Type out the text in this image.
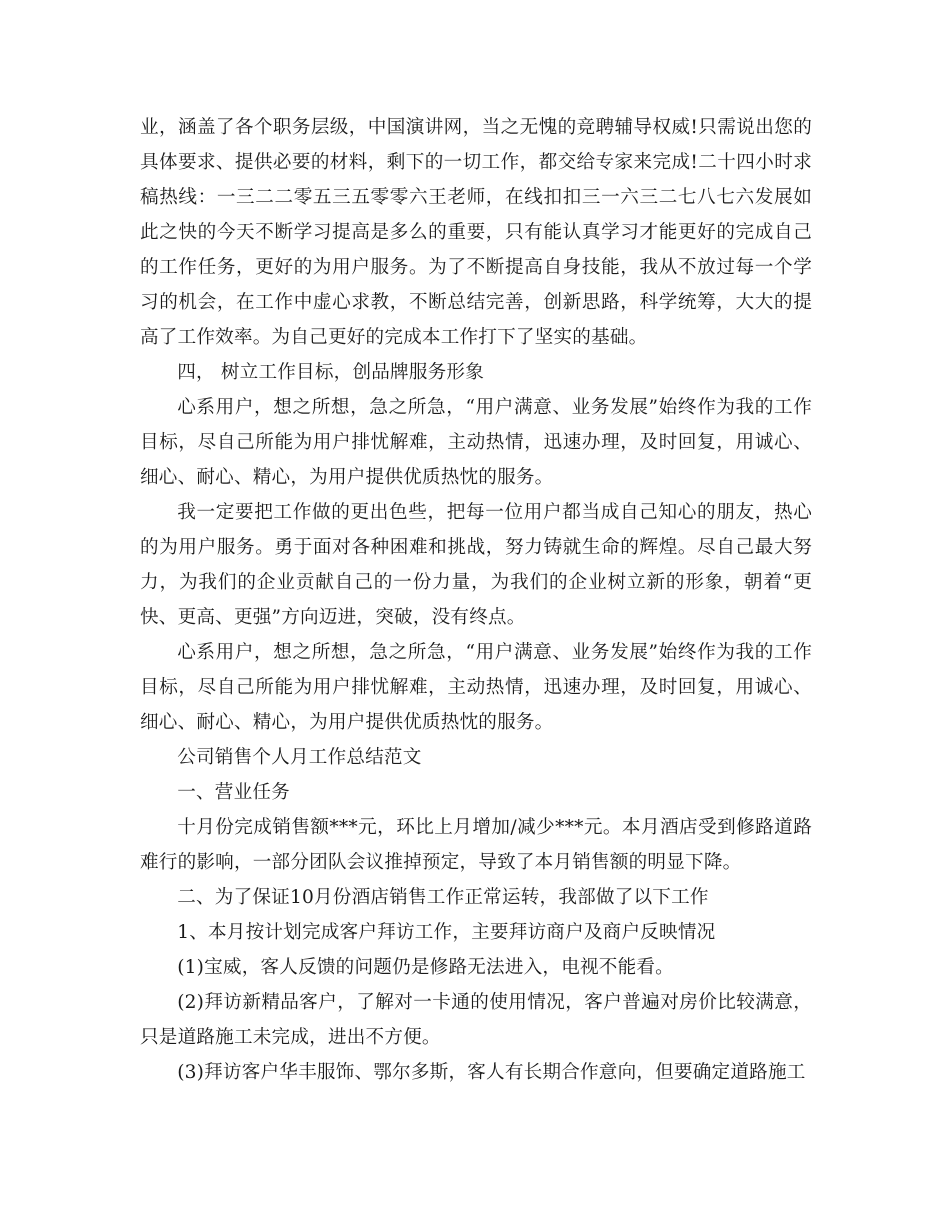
业，涵盖了各个职务层级，中国演讲网，当之无愧的竞聘辅导权威!只需说出您的具体要求、提供必要的材料，剩下的一切工作，都交给专家来完成!二十四小时求稿热线：一三二二零五三五零零六王老师，在线扣扣三一六三二七八七六发展如此之快的今天不断学习提高是多么的重要，只有能认真学习才能更好的完成自己的工作任务，更好的为用户服务。为了不断提高自身技能，我从不放过每一个学习的机会，在工作中虚心求教，不断总结完善，创新思路，科学统筹，大大的提高了工作效率。为自己更好的完成本工作打下了坚实的基础。

四， 树立工作目标，创品牌服务形象

心系用户，想之所想，急之所急，“用户满意、业务发展”始终作为我的工作目标，尽自己所能为用户排忧解难，主动热情，迅速办理，及时回复，用诚心、细心、耐心、精心，为用户提供优质热忱的服务。

我一定要把工作做的更出色些，把每一位用户都当成自己知心的朋友，热心的为用户服务。勇于面对各种困难和挑战，努力铸就生命的辉煌。尽自己最大努力，为我们的企业贡献自己的一份力量，为我们的企业树立新的形象，朝着“更快、更高、更强”方向迈进，突破，没有终点。

心系用户，想之所想，急之所急，“用户满意、业务发展”始终作为我的工作目标，尽自己所能为用户排忧解难，主动热情，迅速办理，及时回复，用诚心、细心、耐心、精心，为用户提供优质热忱的服务。

公司销售个人月工作总结范文

一、营业任务

十月份完成销售额***元，环比上月增加/减少***元。本月酒店受到修路道路难行的影响，一部分团队会议推掉预定，导致了本月销售额的明显下降。

二、为了保证10月份酒店销售工作正常运转，我部做了以下工作

1、本月按计划完成客户拜访工作，主要拜访商户及商户反映情况

(1)宝威，客人反馈的问题仍是修路无法进入，电视不能看。

(2)拜访新精品客户，了解对一卡通的使用情况，客户普遍对房价比较满意，只是道路施工未完成，进出不方便。

(3)拜访客户华丰服饰、鄂尔多斯，客人有长期合作意向，但要确定道路施工
